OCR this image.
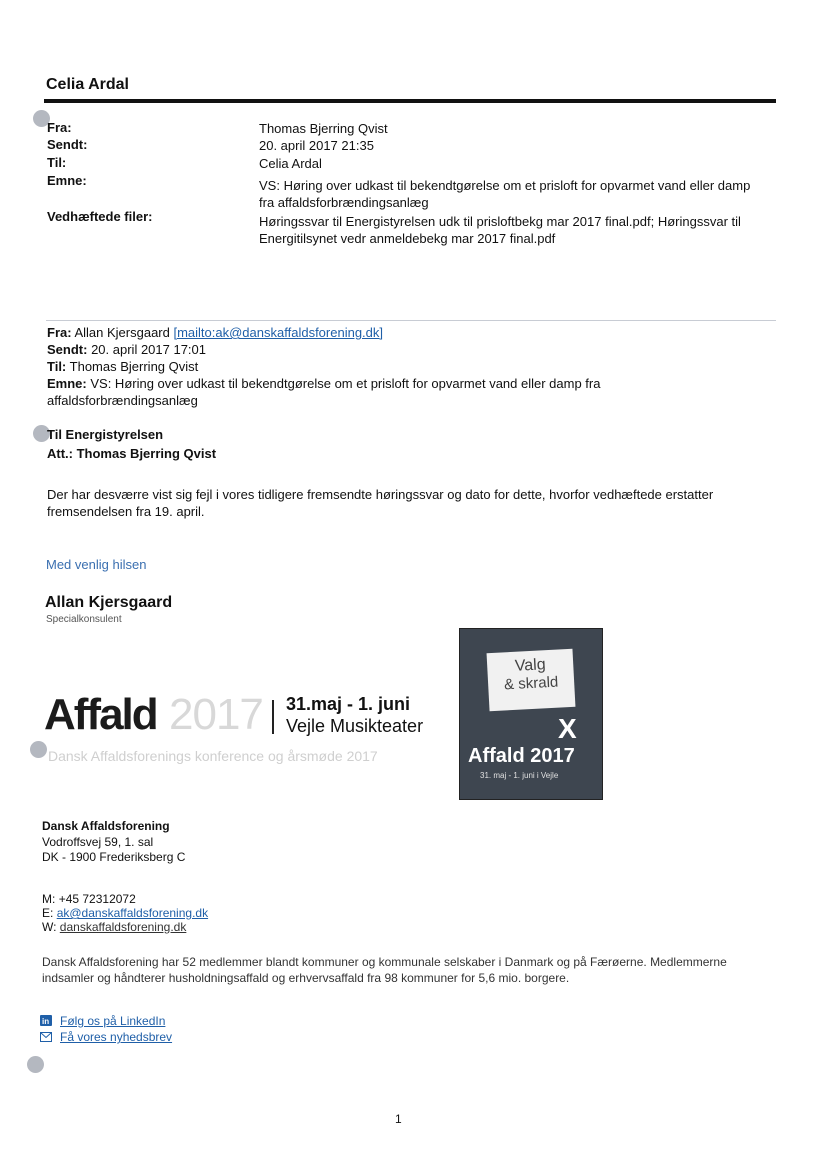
Celia Ardal
Fra:	Thomas Bjerring Qvist
Sendt:	20. april 2017 21:35
Til:	Celia Ardal
Emne:	VS: Høring over udkast til bekendtgørelse om et prisloft for opvarmet vand eller damp fra affaldsforbrændingsanlæg
Vedhæftede filer:	Høringssvar til Energistyrelsen udk til prisloftbekg mar 2017 final.pdf; Høringssvar til Energitilsynet vedr anmeldebekg mar 2017 final.pdf
Fra: Allan Kjersgaard [mailto:ak@danskaffaldsforening.dk]
Sendt: 20. april 2017 17:01
Til: Thomas Bjerring Qvist
Emne: VS: Høring over udkast til bekendtgørelse om et prisloft for opvarmet vand eller damp fra affaldsforbrændingsanlæg
Til Energistyrelsen
Att.: Thomas Bjerring Qvist
Der har desværre vist sig fejl i vores tidligere fremsendte høringssvar og dato for dette, hvorfor vedhæftede erstatter fremsendelsen fra 19. april.
Med venlig hilsen
Allan Kjersgaard
Specialkonsulent
Affald 2017 31.maj - 1. juni
Vejle Musikteater
Dansk Affaldsforenings konference og årsmøde 2017
Valg
& skrald
X
Affald 2017
31. maj - 1. juni i Vejle
Dansk Affaldsforening
Vodroffsvej 59, 1. sal
DK - 1900 Frederiksberg C
M: +45 72312072
E: ak@danskaffaldsforening.dk
W: danskaffaldsforening.dk
Dansk Affaldsforening har 52 medlemmer blandt kommuner og kommunale selskaber i Danmark og på Færøerne. Medlemmerne indsamler og håndterer husholdningsaffald og erhvervsaffald fra 98 kommuner for 5,6 mio. borgere.
in Følg os på LinkedIn
Få vores nyhedsbrev
1
